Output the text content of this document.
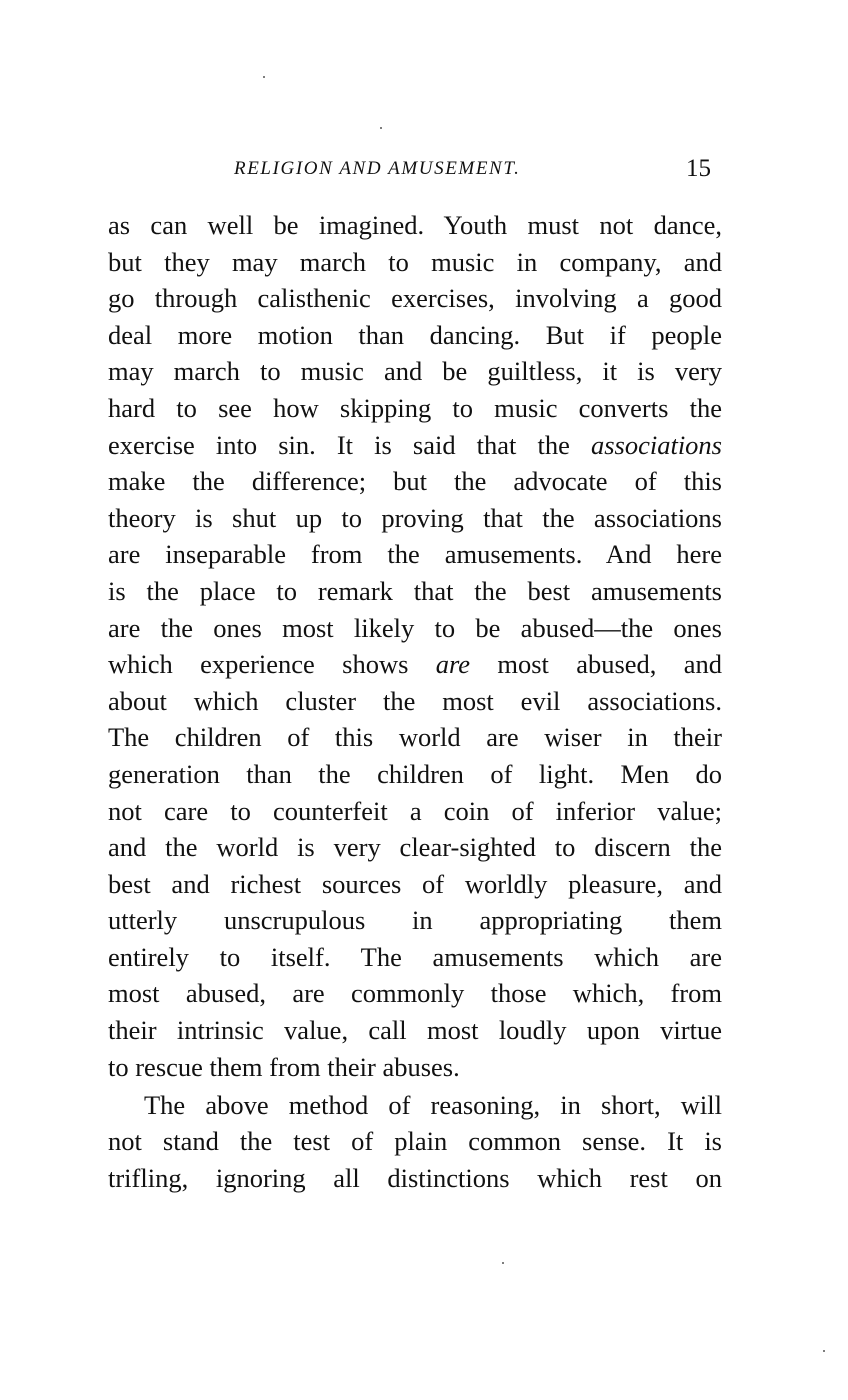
RELIGION AND AMUSEMENT.	15
as can well be imagined. Youth must not dance,
but they may march to music in company, and
go through calisthenic exercises, involving a good
deal more motion than dancing. But if people
may march to music and be guiltless, it is very
hard to see how skipping to music converts the
exercise into sin. It is said that the associations
make the difference; but the advocate of this
theory is shut up to proving that the associations
are inseparable from the amusements. And here
is the place to remark that the best amusements
are the ones most likely to be abused—the ones
which experience shows are most abused, and
about which cluster the most evil associations.
The children of this world are wiser in their
generation than the children of light. Men do
not care to counterfeit a coin of inferior value;
and the world is very clear-sighted to discern the
best and richest sources of worldly pleasure, and
utterly unscrupulous in appropriating them
entirely to itself. The amusements which are
most abused, are commonly those which, from
their intrinsic value, call most loudly upon virtue
to rescue them from their abuses.
The above method of reasoning, in short, will
not stand the test of plain common sense. It is
trifling, ignoring all distinctions which rest on
